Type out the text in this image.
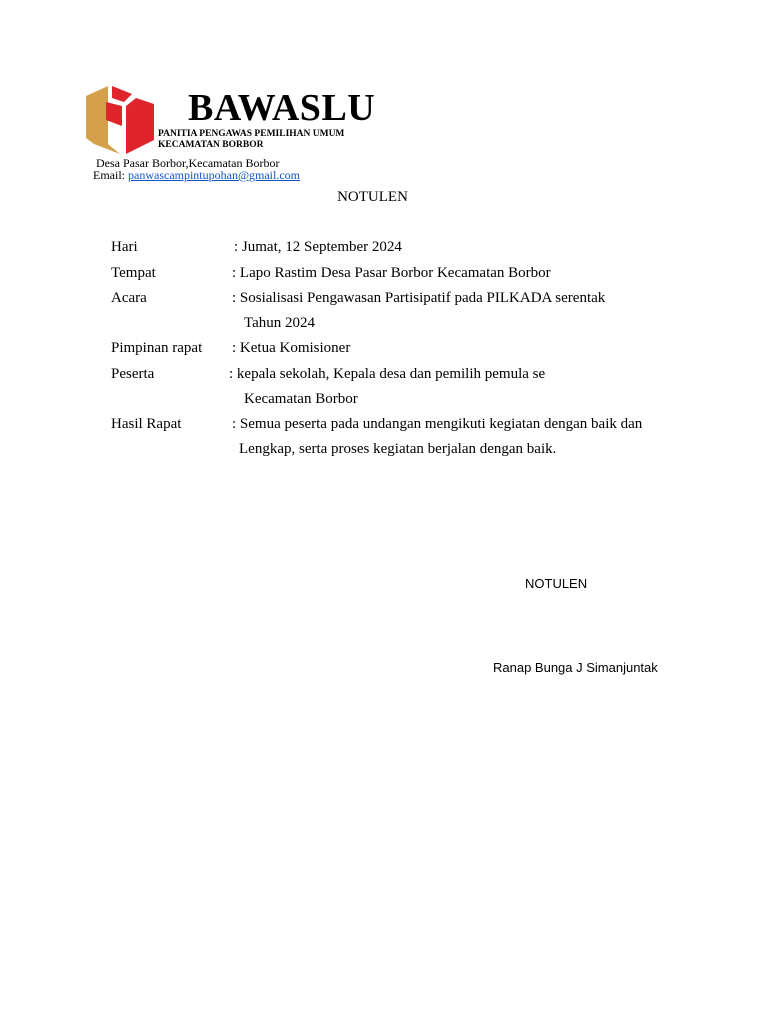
BAWASLU
PANITIA PENGAWAS PEMILIHAN UMUM
KECAMATAN BORBOR
Desa Pasar Borbor,Kecamatan Borbor
Email: panwascampintupohan@gmail.com
NOTULEN
Hari	: Jumat, 12 September 2024
Tempat	: Lapo Rastim Desa Pasar Borbor Kecamatan Borbor
Acara	: Sosialisasi Pengawasan Partisipatif pada PILKADA serentak
Tahun 2024
Pimpinan rapat : Ketua Komisioner
Peserta	: kepala sekolah, Kepala desa dan pemilih pemula se
Kecamatan Borbor
Hasil Rapat	: Semua peserta pada undangan mengikuti kegiatan dengan baik dan
Lengkap, serta proses kegiatan berjalan dengan baik.
NOTULEN
Ranap Bunga J Simanjuntak
